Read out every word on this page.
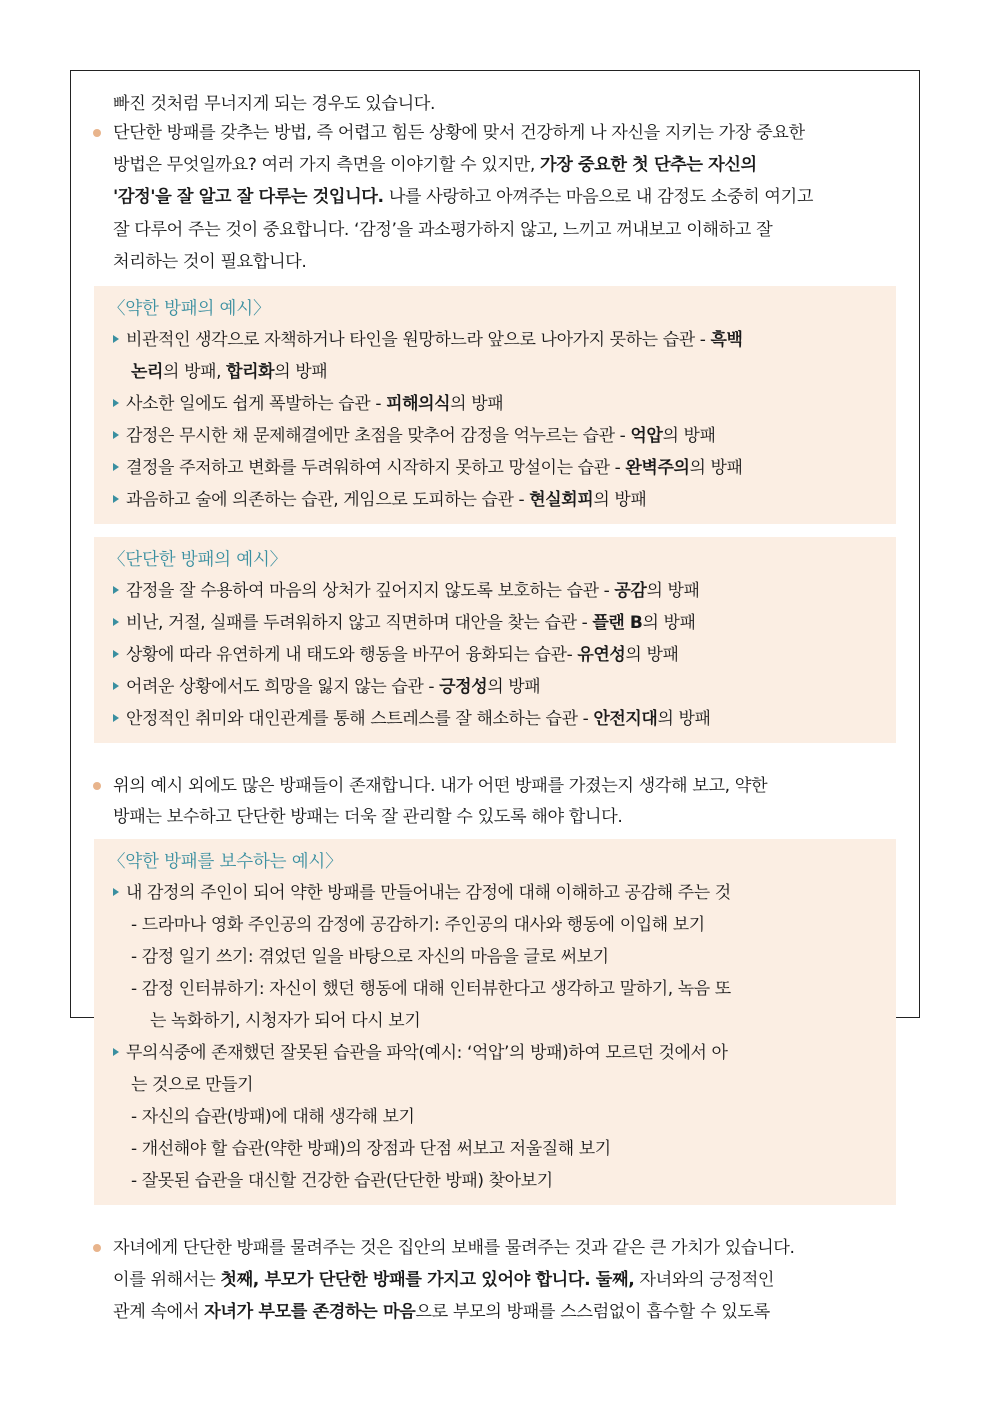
빠진 것처럼 무너지게 되는 경우도 있습니다.
단단한 방패를 갖추는 방법, 즉 어렵고 힘든 상황에 맞서 건강하게 나 자신을 지키는 가장 중요한
방법은 무엇일까요? 여러 가지 측면을 이야기할 수 있지만, 가장 중요한 첫 단추는 자신의
'감정'을 잘 알고 잘 다루는 것입니다. 나를 사랑하고 아껴주는 마음으로 내 감정도 소중히 여기고
잘 다루어 주는 것이 중요합니다. ‘감정’을 과소평가하지 않고, 느끼고 꺼내보고 이해하고 잘
처리하는 것이 필요합니다.
〈약한 방패의 예시〉
비관적인 생각으로 자책하거나 타인을 원망하느라 앞으로 나아가지 못하는 습관 - 흑백
논리의 방패, 합리화의 방패
사소한 일에도 쉽게 폭발하는 습관 - 피해의식의 방패
감정은 무시한 채 문제해결에만 초점을 맞추어 감정을 억누르는 습관 - 억압의 방패
결정을 주저하고 변화를 두려워하여 시작하지 못하고 망설이는 습관 - 완벽주의의 방패
과음하고 술에 의존하는 습관, 게임으로 도피하는 습관 - 현실회피의 방패
〈단단한 방패의 예시〉
감정을 잘 수용하여 마음의 상처가 깊어지지 않도록 보호하는 습관 - 공감의 방패
비난, 거절, 실패를 두려워하지 않고 직면하며 대안을 찾는 습관 - 플랜 B의 방패
상황에 따라 유연하게 내 태도와 행동을 바꾸어 융화되는 습관- 유연성의 방패
어려운 상황에서도 희망을 잃지 않는 습관 - 긍정성의 방패
안정적인 취미와 대인관계를 통해 스트레스를 잘 해소하는 습관 - 안전지대의 방패
위의 예시 외에도 많은 방패들이 존재합니다. 내가 어떤 방패를 가졌는지 생각해 보고, 약한
방패는 보수하고 단단한 방패는 더욱 잘 관리할 수 있도록 해야 합니다.
〈약한 방패를 보수하는 예시〉
내 감정의 주인이 되어 약한 방패를 만들어내는 감정에 대해 이해하고 공감해 주는 것
- 드라마나 영화 주인공의 감정에 공감하기: 주인공의 대사와 행동에 이입해 보기
- 감정 일기 쓰기: 겪었던 일을 바탕으로 자신의 마음을 글로 써보기
- 감정 인터뷰하기: 자신이 했던 행동에 대해 인터뷰한다고 생각하고 말하기, 녹음 또
는 녹화하기, 시청자가 되어 다시 보기
무의식중에 존재했던 잘못된 습관을 파악(예시: ‘억압’의 방패)하여 모르던 것에서 아
는 것으로 만들기
- 자신의 습관(방패)에 대해 생각해 보기
- 개선해야 할 습관(약한 방패)의 장점과 단점 써보고 저울질해 보기
- 잘못된 습관을 대신할 건강한 습관(단단한 방패) 찾아보기
자녀에게 단단한 방패를 물려주는 것은 집안의 보배를 물려주는 것과 같은 큰 가치가 있습니다.
이를 위해서는 첫째, 부모가 단단한 방패를 가지고 있어야 합니다. 둘째, 자녀와의 긍정적인
관계 속에서 자녀가 부모를 존경하는 마음으로 부모의 방패를 스스럼없이 흡수할 수 있도록
